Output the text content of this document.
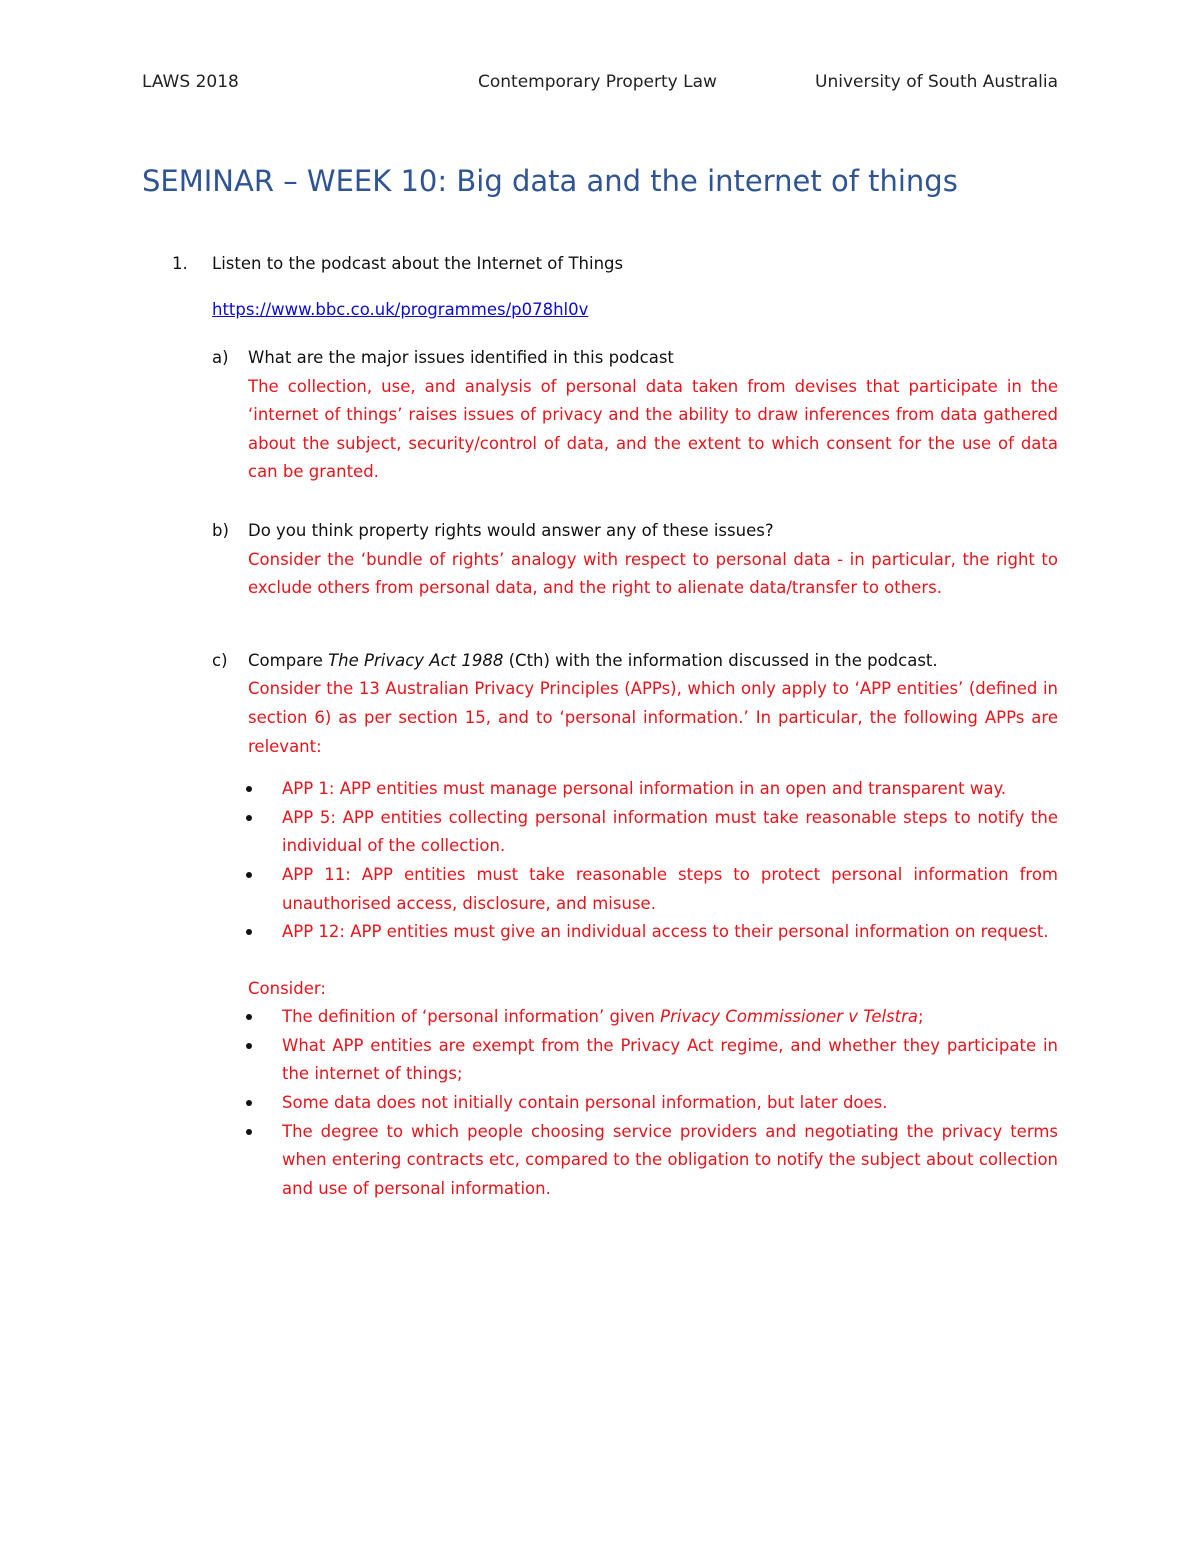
LAWS 2018	Contemporary Property Law	University of South Australia
SEMINAR – WEEK 10: Big data and the internet of things
1. Listen to the podcast about the Internet of Things
https://www.bbc.co.uk/programmes/p078hl0v
a) What are the major issues identified in this podcast
The collection, use, and analysis of personal data taken from devises that participate in the ‘internet of things’ raises issues of privacy and the ability to draw inferences from data gathered about the subject, security/control of data, and the extent to which consent for the use of data can be granted.
b) Do you think property rights would answer any of these issues?
Consider the ‘bundle of rights’ analogy with respect to personal data - in particular, the right to exclude others from personal data, and the right to alienate data/transfer to others.
c) Compare The Privacy Act 1988 (Cth) with the information discussed in the podcast.
Consider the 13 Australian Privacy Principles (APPs), which only apply to ‘APP entities’ (defined in section 6) as per section 15, and to ‘personal information.’ In particular, the following APPs are relevant:
APP 1: APP entities must manage personal information in an open and transparent way.
APP 5: APP entities collecting personal information must take reasonable steps to notify the individual of the collection.
APP 11: APP entities must take reasonable steps to protect personal information from unauthorised access, disclosure, and misuse.
APP 12: APP entities must give an individual access to their personal information on request.
Consider:
The definition of ‘personal information’ given Privacy Commissioner v Telstra;
What APP entities are exempt from the Privacy Act regime, and whether they participate in the internet of things;
Some data does not initially contain personal information, but later does.
The degree to which people choosing service providers and negotiating the privacy terms when entering contracts etc, compared to the obligation to notify the subject about collection and use of personal information.
